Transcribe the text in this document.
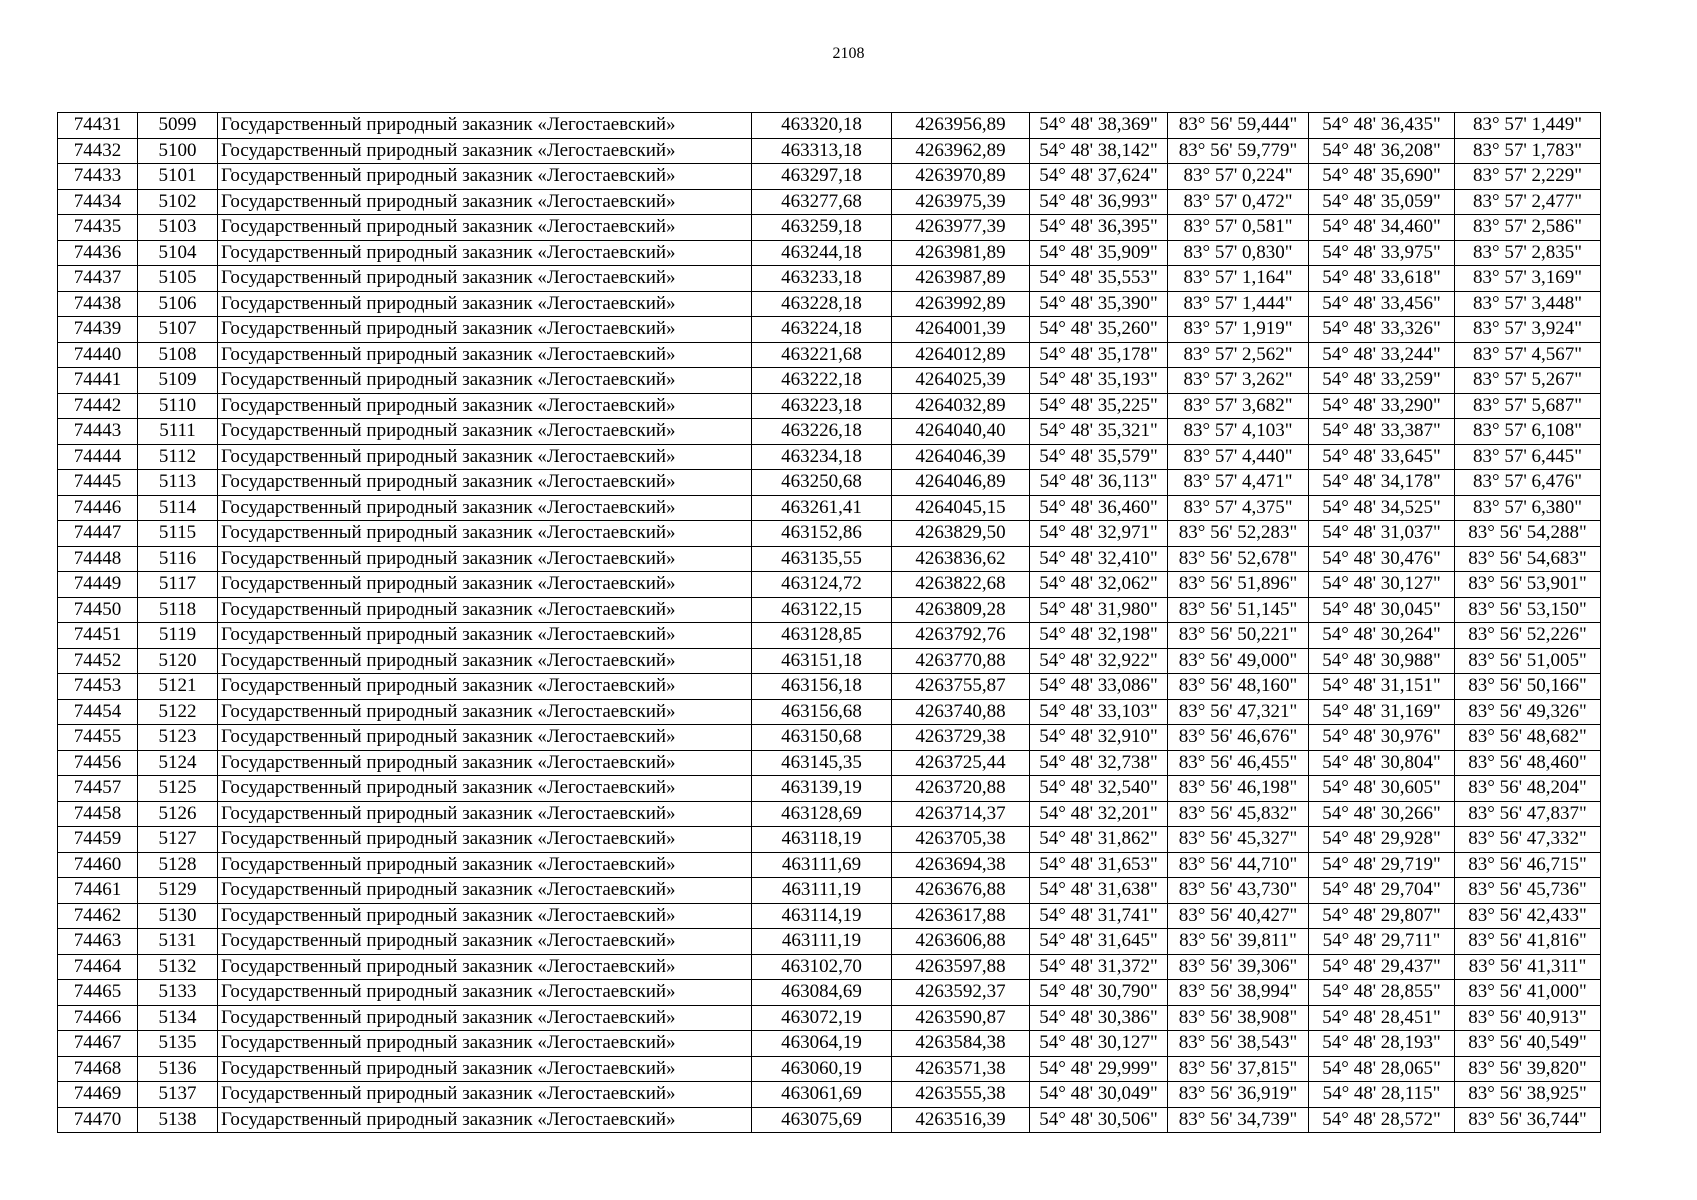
2108
74431	5099	Государственный природный заказник «Легостаевский»	463320,18	4263956,89	54° 48' 38,369"	83° 56' 59,444"	54° 48' 36,435"	83° 57' 1,449"
74432	5100	Государственный природный заказник «Легостаевский»	463313,18	4263962,89	54° 48' 38,142"	83° 56' 59,779"	54° 48' 36,208"	83° 57' 1,783"
74433	5101	Государственный природный заказник «Легостаевский»	463297,18	4263970,89	54° 48' 37,624"	83° 57' 0,224"	54° 48' 35,690"	83° 57' 2,229"
74434	5102	Государственный природный заказник «Легостаевский»	463277,68	4263975,39	54° 48' 36,993"	83° 57' 0,472"	54° 48' 35,059"	83° 57' 2,477"
74435	5103	Государственный природный заказник «Легостаевский»	463259,18	4263977,39	54° 48' 36,395"	83° 57' 0,581"	54° 48' 34,460"	83° 57' 2,586"
74436	5104	Государственный природный заказник «Легостаевский»	463244,18	4263981,89	54° 48' 35,909"	83° 57' 0,830"	54° 48' 33,975"	83° 57' 2,835"
74437	5105	Государственный природный заказник «Легостаевский»	463233,18	4263987,89	54° 48' 35,553"	83° 57' 1,164"	54° 48' 33,618"	83° 57' 3,169"
74438	5106	Государственный природный заказник «Легостаевский»	463228,18	4263992,89	54° 48' 35,390"	83° 57' 1,444"	54° 48' 33,456"	83° 57' 3,448"
74439	5107	Государственный природный заказник «Легостаевский»	463224,18	4264001,39	54° 48' 35,260"	83° 57' 1,919"	54° 48' 33,326"	83° 57' 3,924"
74440	5108	Государственный природный заказник «Легостаевский»	463221,68	4264012,89	54° 48' 35,178"	83° 57' 2,562"	54° 48' 33,244"	83° 57' 4,567"
74441	5109	Государственный природный заказник «Легостаевский»	463222,18	4264025,39	54° 48' 35,193"	83° 57' 3,262"	54° 48' 33,259"	83° 57' 5,267"
74442	5110	Государственный природный заказник «Легостаевский»	463223,18	4264032,89	54° 48' 35,225"	83° 57' 3,682"	54° 48' 33,290"	83° 57' 5,687"
74443	5111	Государственный природный заказник «Легостаевский»	463226,18	4264040,40	54° 48' 35,321"	83° 57' 4,103"	54° 48' 33,387"	83° 57' 6,108"
74444	5112	Государственный природный заказник «Легостаевский»	463234,18	4264046,39	54° 48' 35,579"	83° 57' 4,440"	54° 48' 33,645"	83° 57' 6,445"
74445	5113	Государственный природный заказник «Легостаевский»	463250,68	4264046,89	54° 48' 36,113"	83° 57' 4,471"	54° 48' 34,178"	83° 57' 6,476"
74446	5114	Государственный природный заказник «Легостаевский»	463261,41	4264045,15	54° 48' 36,460"	83° 57' 4,375"	54° 48' 34,525"	83° 57' 6,380"
74447	5115	Государственный природный заказник «Легостаевский»	463152,86	4263829,50	54° 48' 32,971"	83° 56' 52,283"	54° 48' 31,037"	83° 56' 54,288"
74448	5116	Государственный природный заказник «Легостаевский»	463135,55	4263836,62	54° 48' 32,410"	83° 56' 52,678"	54° 48' 30,476"	83° 56' 54,683"
74449	5117	Государственный природный заказник «Легостаевский»	463124,72	4263822,68	54° 48' 32,062"	83° 56' 51,896"	54° 48' 30,127"	83° 56' 53,901"
74450	5118	Государственный природный заказник «Легостаевский»	463122,15	4263809,28	54° 48' 31,980"	83° 56' 51,145"	54° 48' 30,045"	83° 56' 53,150"
74451	5119	Государственный природный заказник «Легостаевский»	463128,85	4263792,76	54° 48' 32,198"	83° 56' 50,221"	54° 48' 30,264"	83° 56' 52,226"
74452	5120	Государственный природный заказник «Легостаевский»	463151,18	4263770,88	54° 48' 32,922"	83° 56' 49,000"	54° 48' 30,988"	83° 56' 51,005"
74453	5121	Государственный природный заказник «Легостаевский»	463156,18	4263755,87	54° 48' 33,086"	83° 56' 48,160"	54° 48' 31,151"	83° 56' 50,166"
74454	5122	Государственный природный заказник «Легостаевский»	463156,68	4263740,88	54° 48' 33,103"	83° 56' 47,321"	54° 48' 31,169"	83° 56' 49,326"
74455	5123	Государственный природный заказник «Легостаевский»	463150,68	4263729,38	54° 48' 32,910"	83° 56' 46,676"	54° 48' 30,976"	83° 56' 48,682"
74456	5124	Государственный природный заказник «Легостаевский»	463145,35	4263725,44	54° 48' 32,738"	83° 56' 46,455"	54° 48' 30,804"	83° 56' 48,460"
74457	5125	Государственный природный заказник «Легостаевский»	463139,19	4263720,88	54° 48' 32,540"	83° 56' 46,198"	54° 48' 30,605"	83° 56' 48,204"
74458	5126	Государственный природный заказник «Легостаевский»	463128,69	4263714,37	54° 48' 32,201"	83° 56' 45,832"	54° 48' 30,266"	83° 56' 47,837"
74459	5127	Государственный природный заказник «Легостаевский»	463118,19	4263705,38	54° 48' 31,862"	83° 56' 45,327"	54° 48' 29,928"	83° 56' 47,332"
74460	5128	Государственный природный заказник «Легостаевский»	463111,69	4263694,38	54° 48' 31,653"	83° 56' 44,710"	54° 48' 29,719"	83° 56' 46,715"
74461	5129	Государственный природный заказник «Легостаевский»	463111,19	4263676,88	54° 48' 31,638"	83° 56' 43,730"	54° 48' 29,704"	83° 56' 45,736"
74462	5130	Государственный природный заказник «Легостаевский»	463114,19	4263617,88	54° 48' 31,741"	83° 56' 40,427"	54° 48' 29,807"	83° 56' 42,433"
74463	5131	Государственный природный заказник «Легостаевский»	463111,19	4263606,88	54° 48' 31,645"	83° 56' 39,811"	54° 48' 29,711"	83° 56' 41,816"
74464	5132	Государственный природный заказник «Легостаевский»	463102,70	4263597,88	54° 48' 31,372"	83° 56' 39,306"	54° 48' 29,437"	83° 56' 41,311"
74465	5133	Государственный природный заказник «Легостаевский»	463084,69	4263592,37	54° 48' 30,790"	83° 56' 38,994"	54° 48' 28,855"	83° 56' 41,000"
74466	5134	Государственный природный заказник «Легостаевский»	463072,19	4263590,87	54° 48' 30,386"	83° 56' 38,908"	54° 48' 28,451"	83° 56' 40,913"
74467	5135	Государственный природный заказник «Легостаевский»	463064,19	4263584,38	54° 48' 30,127"	83° 56' 38,543"	54° 48' 28,193"	83° 56' 40,549"
74468	5136	Государственный природный заказник «Легостаевский»	463060,19	4263571,38	54° 48' 29,999"	83° 56' 37,815"	54° 48' 28,065"	83° 56' 39,820"
74469	5137	Государственный природный заказник «Легостаевский»	463061,69	4263555,38	54° 48' 30,049"	83° 56' 36,919"	54° 48' 28,115"	83° 56' 38,925"
74470	5138	Государственный природный заказник «Легостаевский»	463075,69	4263516,39	54° 48' 30,506"	83° 56' 34,739"	54° 48' 28,572"	83° 56' 36,744"
